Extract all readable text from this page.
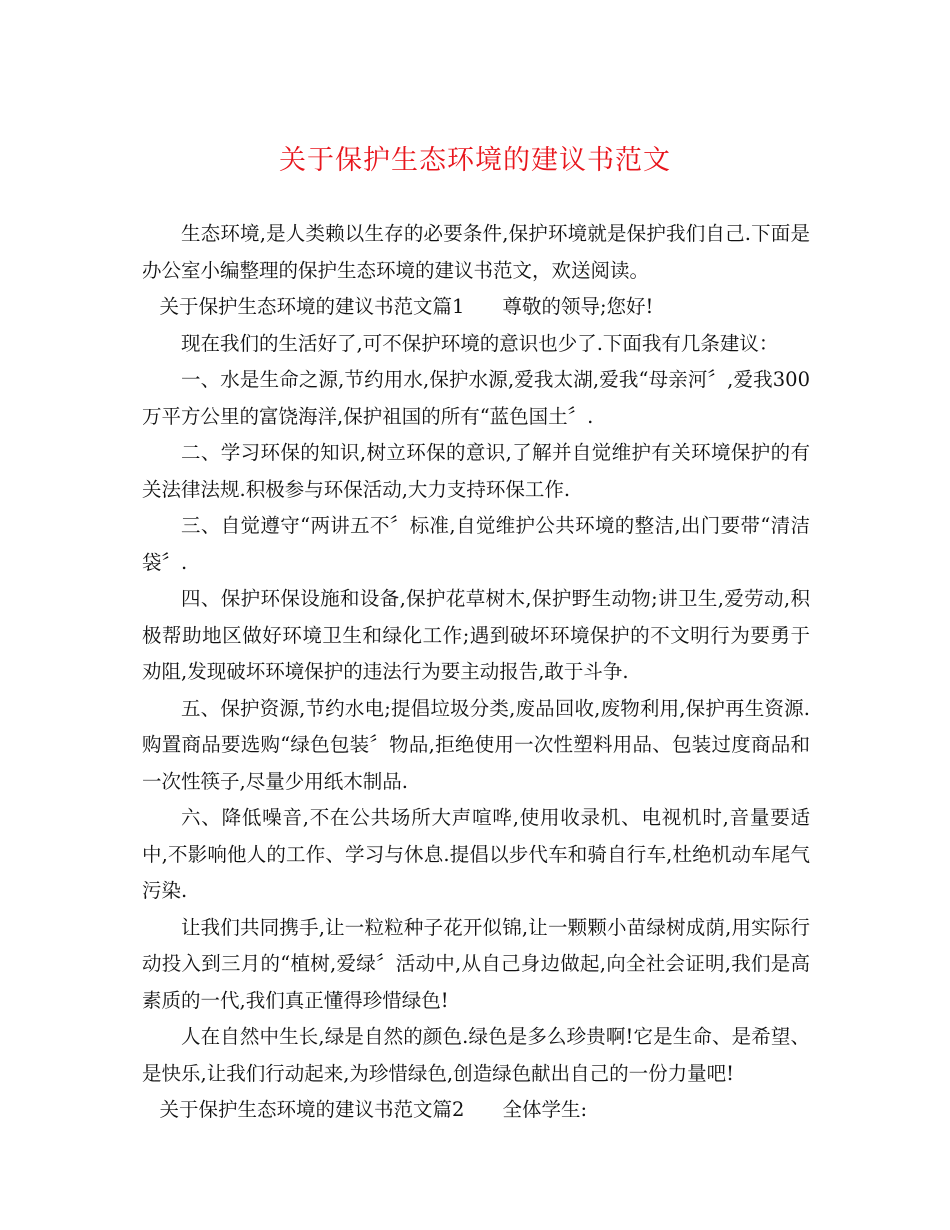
关于保护生态环境的建议书范文

生态环境,是人类赖以生存的必要条件,保护环境就是保护我们自己.下面是办公室小编整理的保护生态环境的建议书范文，欢送阅读。

关于保护生态环境的建议书范文篇1 尊敬的领导;您好!

现在我们的生活好了,可不保护环境的意识也少了.下面我有几条建议：

一、水是生命之源,节约用水,保护水源,爱我太湖,爱我“母亲河〞,爱我300万平方公里的富饶海洋,保护祖国的所有“蓝色国土〞.

二、学习环保的知识,树立环保的意识,了解并自觉维护有关环境保护的有关法律法规.积极参与环保活动,大力支持环保工作.

三、自觉遵守“两讲五不〞标准,自觉维护公共环境的整洁,出门要带“清洁袋〞.

四、保护环保设施和设备,保护花草树木,保护野生动物;讲卫生,爱劳动,积极帮助地区做好环境卫生和绿化工作;遇到破坏环境保护的不文明行为要勇于劝阻,发现破坏环境保护的违法行为要主动报告,敢于斗争.

五、保护资源,节约水电;提倡垃圾分类,废品回收,废物利用,保护再生资源.购置商品要选购“绿色包装〞物品,拒绝使用一次性塑料用品、包装过度商品和一次性筷子,尽量少用纸木制品.

六、降低噪音,不在公共场所大声喧哗,使用收录机、电视机时,音量要适中,不影响他人的工作、学习与休息.提倡以步代车和骑自行车,杜绝机动车尾气污染.

让我们共同携手,让一粒粒种子花开似锦,让一颗颗小苗绿树成荫,用实际行动投入到三月的“植树,爱绿〞活动中,从自己身边做起,向全社会证明,我们是高素质的一代,我们真正懂得珍惜绿色!

人在自然中生长,绿是自然的颜色.绿色是多么珍贵啊!它是生命、是希望、是快乐,让我们行动起来,为珍惜绿色,创造绿色献出自己的一份力量吧!

关于保护生态环境的建议书范文篇2 全体学生:
